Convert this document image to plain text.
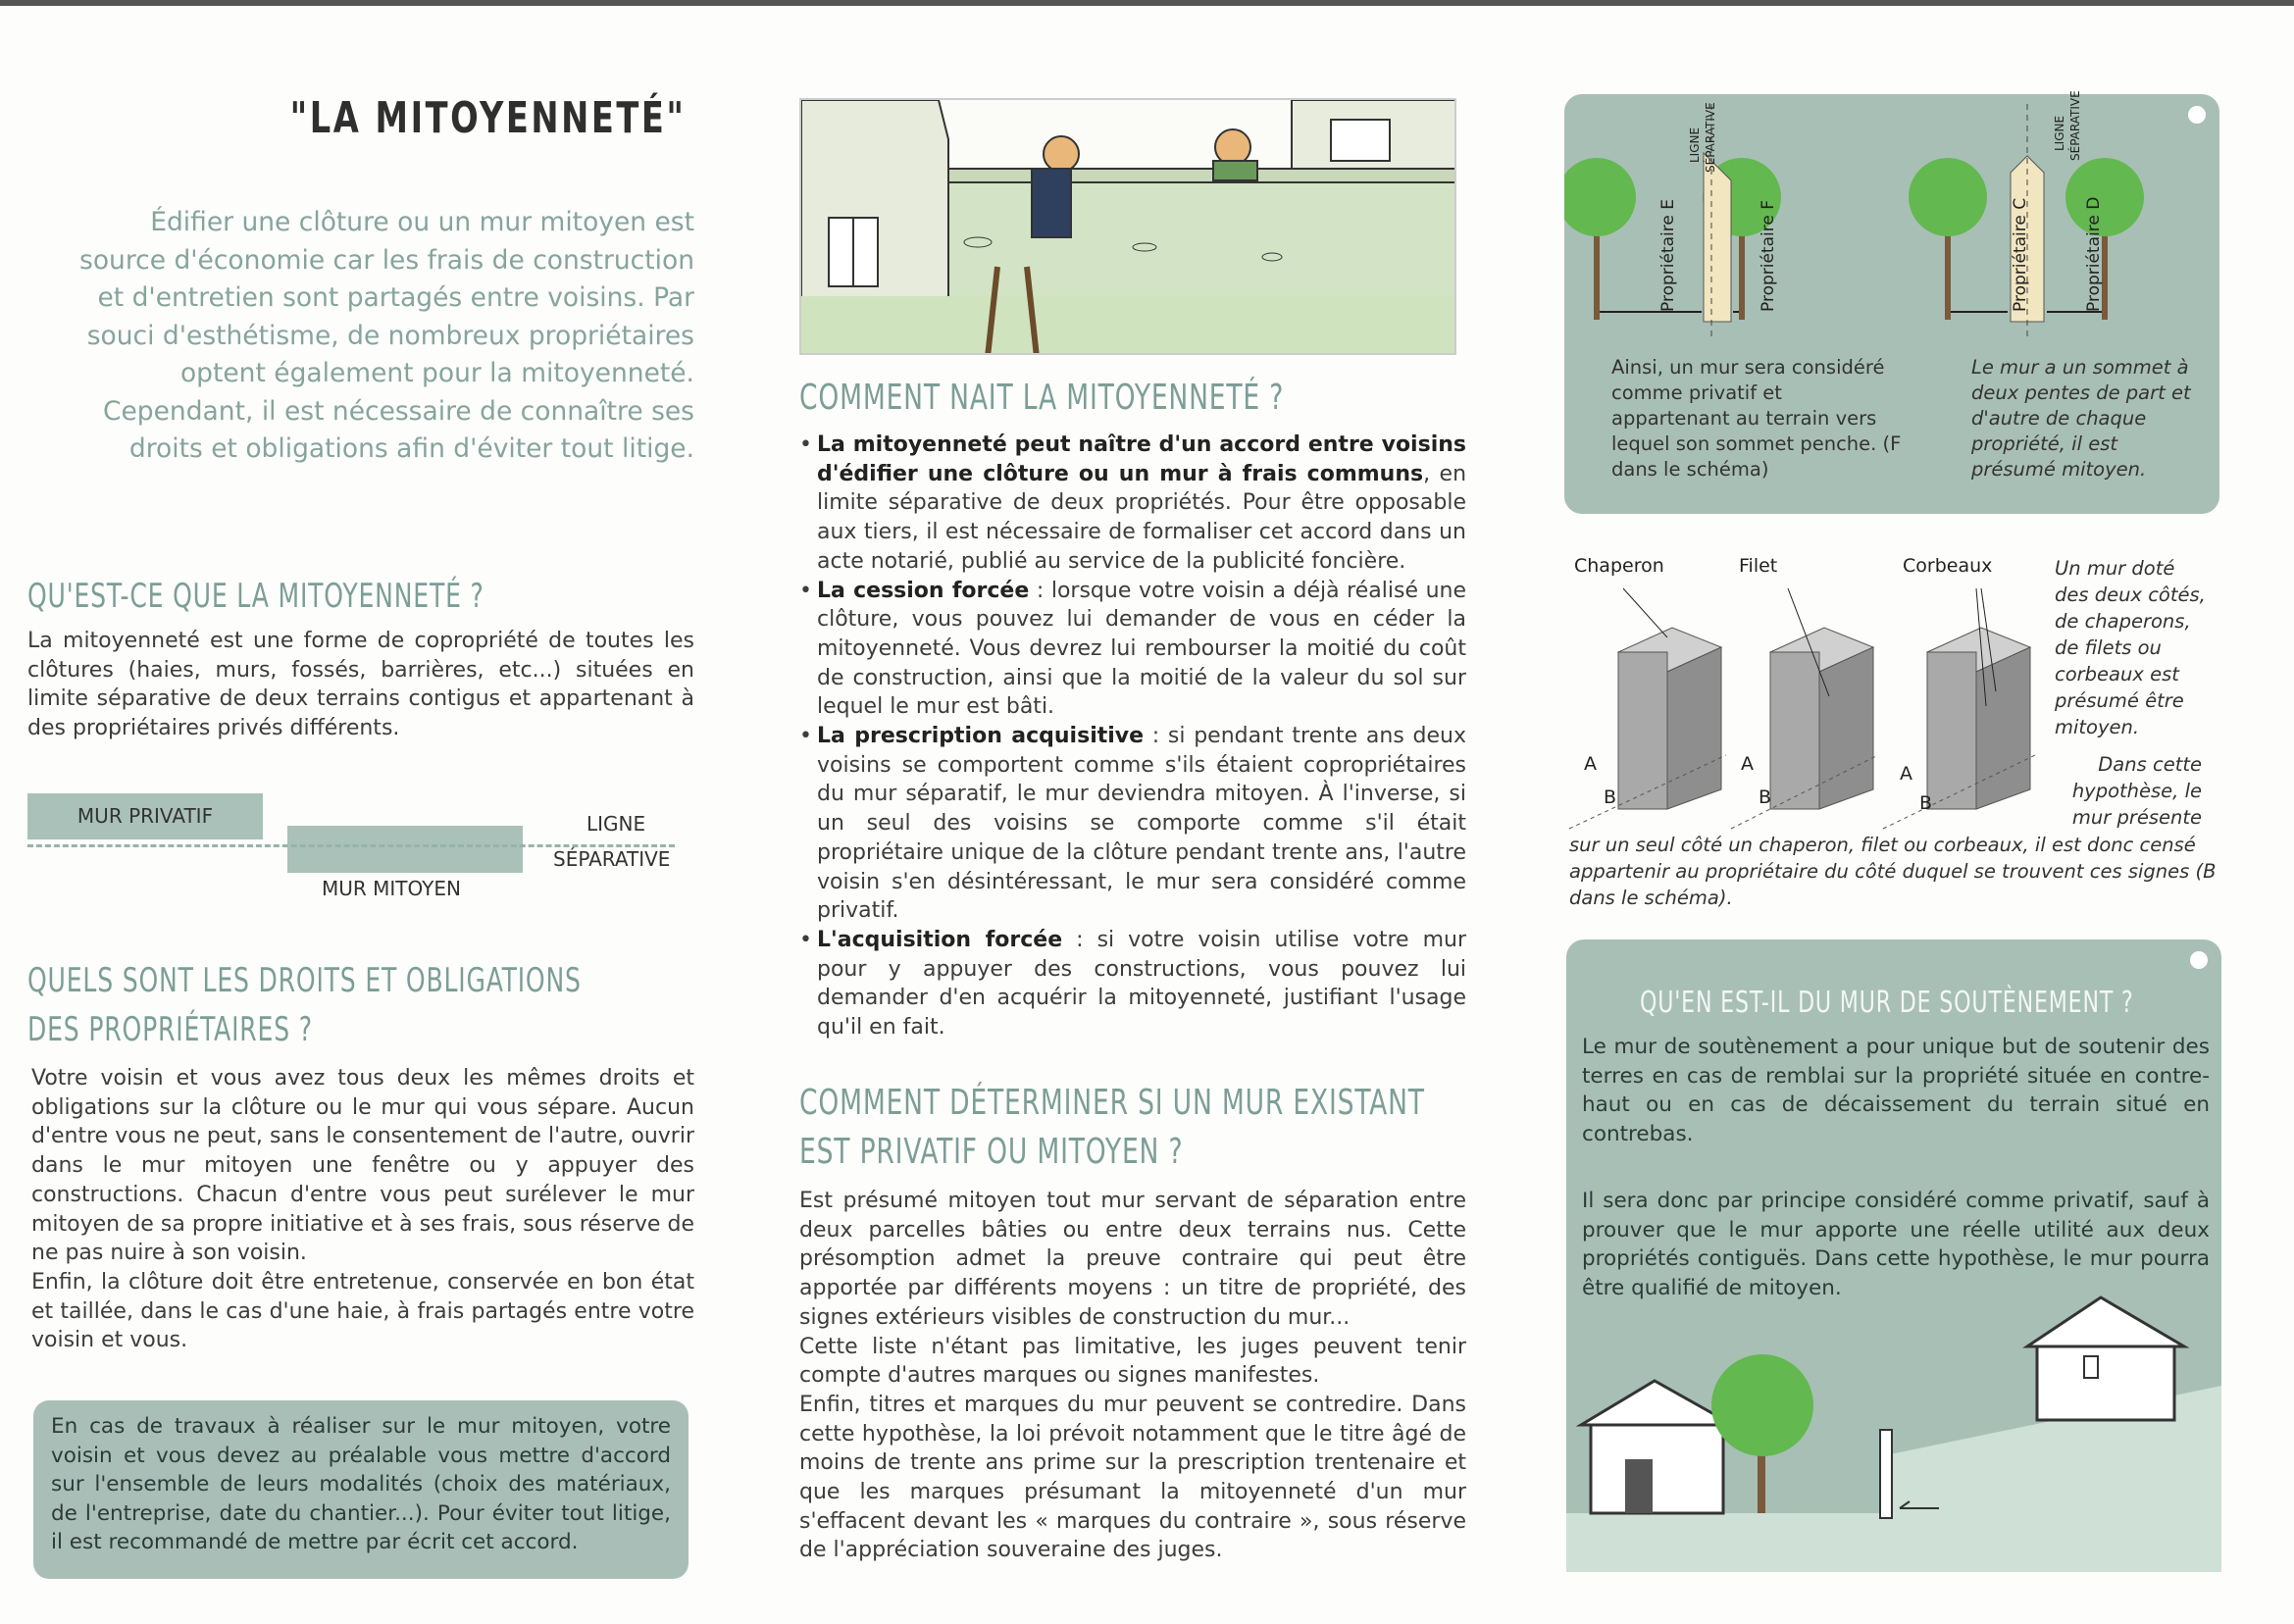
"LA MITOYENNETÉ"
Édifier une clôture ou un mur mitoyen est source d'économie car les frais de construction et d'entretien sont partagés entre voisins. Par souci d'esthétisme, de nombreux propriétaires optent également pour la mitoyenneté. Cependant, il est nécessaire de connaître ses droits et obligations afin d'éviter tout litige.
QU'EST-CE QUE LA MITOYENNETÉ ?
La mitoyenneté est une forme de copropriété de toutes les clôtures (haies, murs, fossés, barrières, etc...) situées en limite séparative de deux terrains contigus et appartenant à des propriétaires privés différents.
MUR PRIVATIF
MUR MITOYEN
LIGNE
SÉPARATIVE
QUELS SONT LES DROITS ET OBLIGATIONS
DES PROPRIÉTAIRES ?
Votre voisin et vous avez tous deux les mêmes droits et obligations sur la clôture ou le mur qui vous sépare. Aucun d'entre vous ne peut, sans le consentement de l'autre, ouvrir dans le mur mitoyen une fenêtre ou y appuyer des constructions. Chacun d'entre vous peut surélever le mur mitoyen de sa propre initiative et à ses frais, sous réserve de ne pas nuire à son voisin.
Enfin, la clôture doit être entretenue, conservée en bon état et taillée, dans le cas d'une haie, à frais partagés entre votre voisin et vous.
En cas de travaux à réaliser sur le mur mitoyen, votre voisin et vous devez au préalable vous mettre d'accord sur l'ensemble de leurs modalités (choix des matériaux, de l'entreprise, date du chantier...). Pour éviter tout litige, il est recommandé de mettre par écrit cet accord.
COMMENT NAIT LA MITOYENNETÉ ?
• La mitoyenneté peut naître d'un accord entre voisins d'édifier une clôture ou un mur à frais communs, en limite séparative de deux propriétés. Pour être opposable aux tiers, il est nécessaire de formaliser cet accord dans un acte notarié, publié au service de la publicité foncière.
• La cession forcée : lorsque votre voisin a déjà réalisé une clôture, vous pouvez lui demander de vous en céder la mitoyenneté. Vous devrez lui rembourser la moitié du coût de construction, ainsi que la moitié de la valeur du sol sur lequel le mur est bâti.
• La prescription acquisitive : si pendant trente ans deux voisins se comportent comme s'ils étaient copropriétaires du mur séparatif, le mur deviendra mitoyen. À l'inverse, si un seul des voisins se comporte comme s'il était propriétaire unique de la clôture pendant trente ans, l'autre voisin s'en désintéressant, le mur sera considéré comme privatif.
• L'acquisition forcée : si votre voisin utilise votre mur pour y appuyer des constructions, vous pouvez lui demander d'en acquérir la mitoyenneté, justifiant l'usage qu'il en fait.
COMMENT DÉTERMINER SI UN MUR EXISTANT
EST PRIVATIF OU MITOYEN ?
Est présumé mitoyen tout mur servant de séparation entre deux parcelles bâties ou entre deux terrains nus. Cette présomption admet la preuve contraire qui peut être apportée par différents moyens : un titre de propriété, des signes extérieurs visibles de construction du mur...
Cette liste n'étant pas limitative, les juges peuvent tenir compte d'autres marques ou signes manifestes.
Enfin, titres et marques du mur peuvent se contredire. Dans cette hypothèse, la loi prévoit notamment que le titre âgé de moins de trente ans prime sur la prescription trentenaire et que les marques présumant la mitoyenneté d'un mur s'effacent devant les « marques du contraire », sous réserve de l'appréciation souveraine des juges.
Propriétaire E	Propriétaire F	Propriétaire C	Propriétaire D
LIGNE SÉPARATIVE	LIGNE SÉPARATIVE
Ainsi, un mur sera considéré comme privatif et appartenant au terrain vers lequel son sommet penche. (F dans le schéma)
Le mur a un sommet à deux pentes de part et d'autre de chaque propriété, il est présumé mitoyen.
Chaperon	Filet	Corbeaux
A
B
A
B
A
B
Un mur doté des deux côtés, de chaperons, de filets ou corbeaux est présumé être mitoyen.
Dans cette hypothèse, le mur présente
sur un seul côté un chaperon, filet ou corbeaux, il est donc censé appartenir au propriétaire du côté duquel se trouvent ces signes (B dans le schéma).
QU'EN EST-IL DU MUR DE SOUTÈNEMENT ?
Le mur de soutènement a pour unique but de soutenir des terres en cas de remblai sur la propriété située en contre-haut ou en cas de décaissement du terrain situé en contrebas.
Il sera donc par principe considéré comme privatif, sauf à prouver que le mur apporte une réelle utilité aux deux propriétés contiguës. Dans cette hypothèse, le mur pourra être qualifié de mitoyen.
